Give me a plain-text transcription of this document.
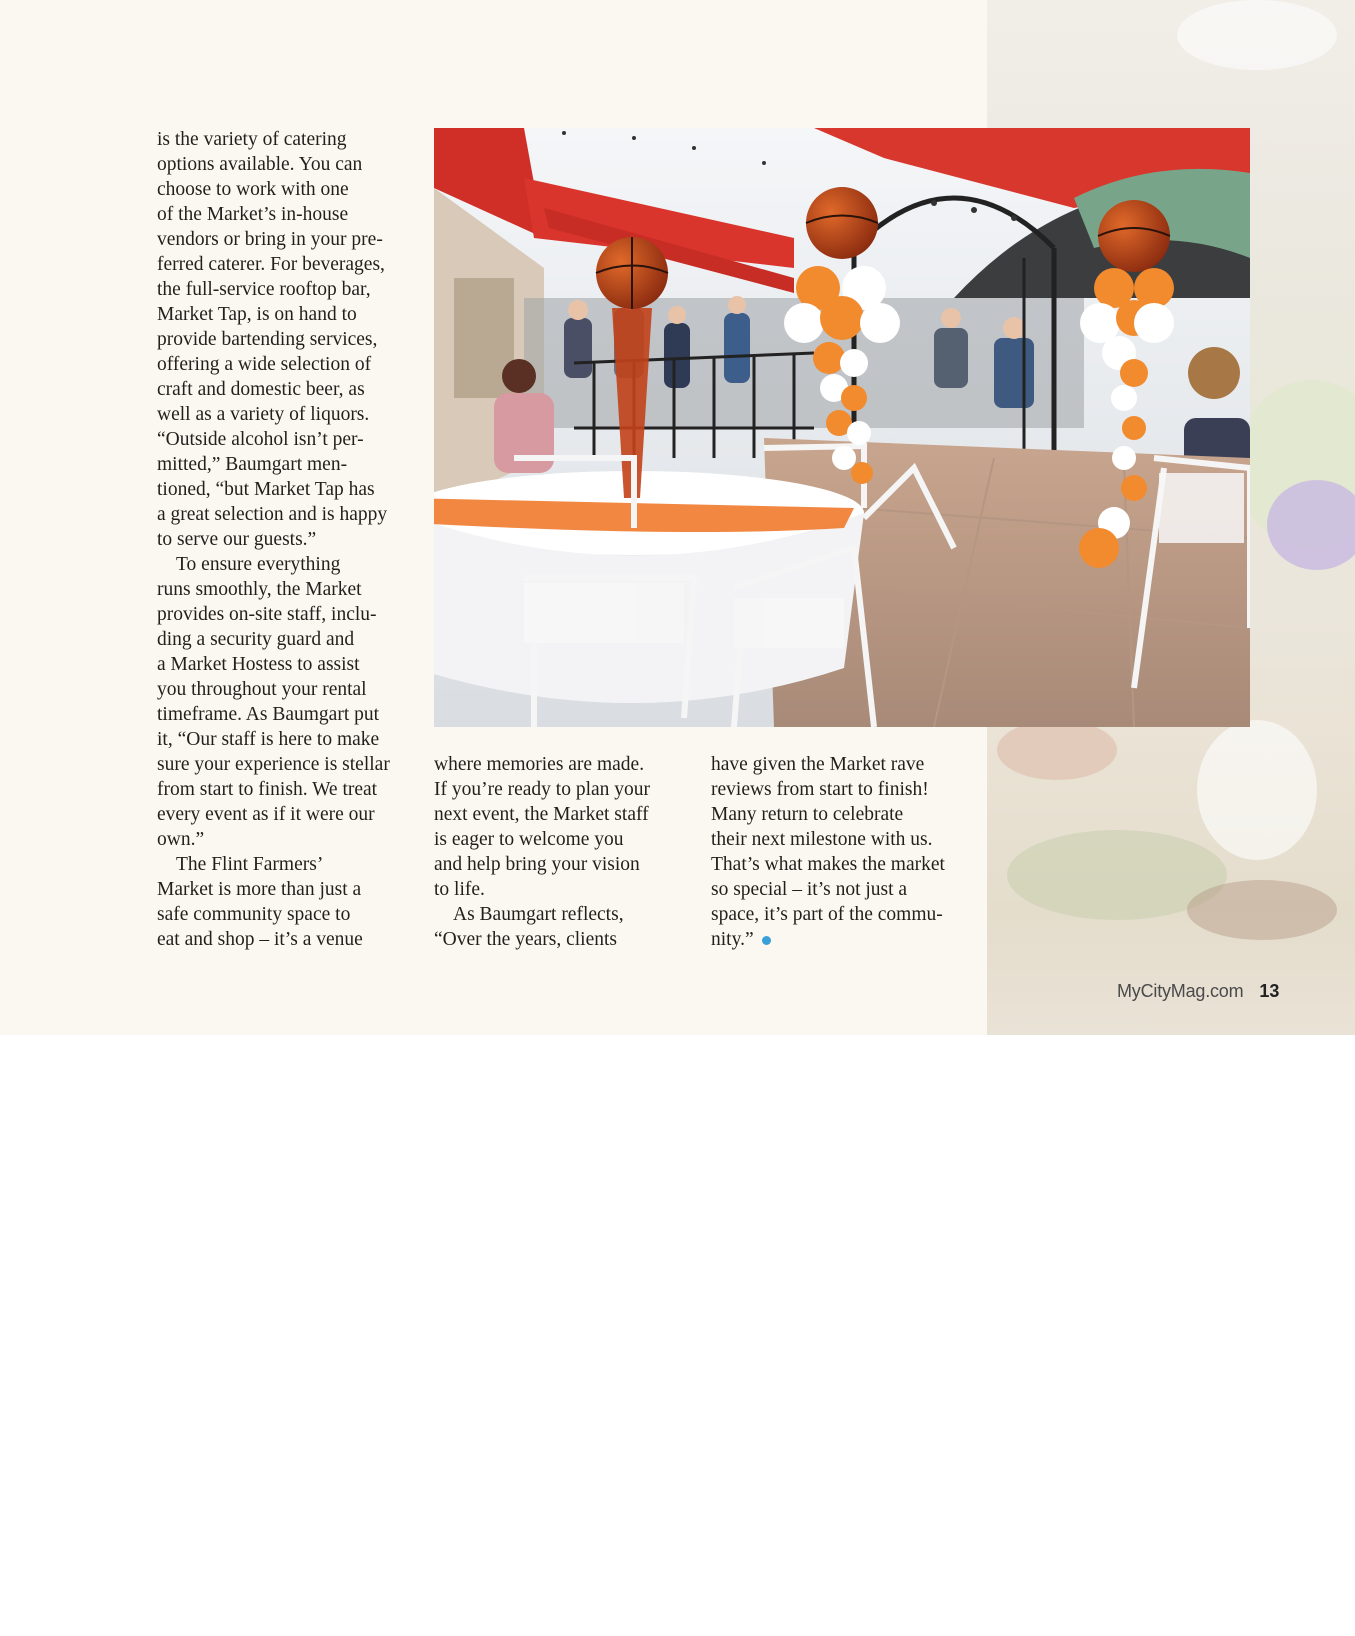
is the variety of catering
options available. You can
choose to work with one
of the Market’s in-house
vendors or bring in your pre-
ferred caterer. For beverages,
the full-service rooftop bar,
Market Tap, is on hand to
provide bartending services,
offering a wide selection of
craft and domestic beer, as
well as a variety of liquors.
“Outside alcohol isn’t per-
mitted,” Baumgart men-
tioned, “but Market Tap has
a great selection and is happy
to serve our guests.”

To ensure everything
runs smoothly, the Market
provides on-site staff, inclu-
ding a security guard and
a Market Hostess to assist
you throughout your rental
timeframe. As Baumgart put
it, “Our staff is here to make
sure your experience is stellar
from start to finish. We treat
every event as if it were our
own.”

The Flint Farmers’
Market is more than just a
safe community space to
eat and shop – it’s a venue

where memories are made.
If you’re ready to plan your
next event, the Market staff
is eager to welcome you
and help bring your vision
to life.

As Baumgart reflects,
“Over the years, clients

have given the Market rave
reviews from start to finish!
Many return to celebrate
their next milestone with us.
That’s what makes the market
so special – it’s not just a
space, it’s part of the commu-
nity.”

MyCityMag.com 13
